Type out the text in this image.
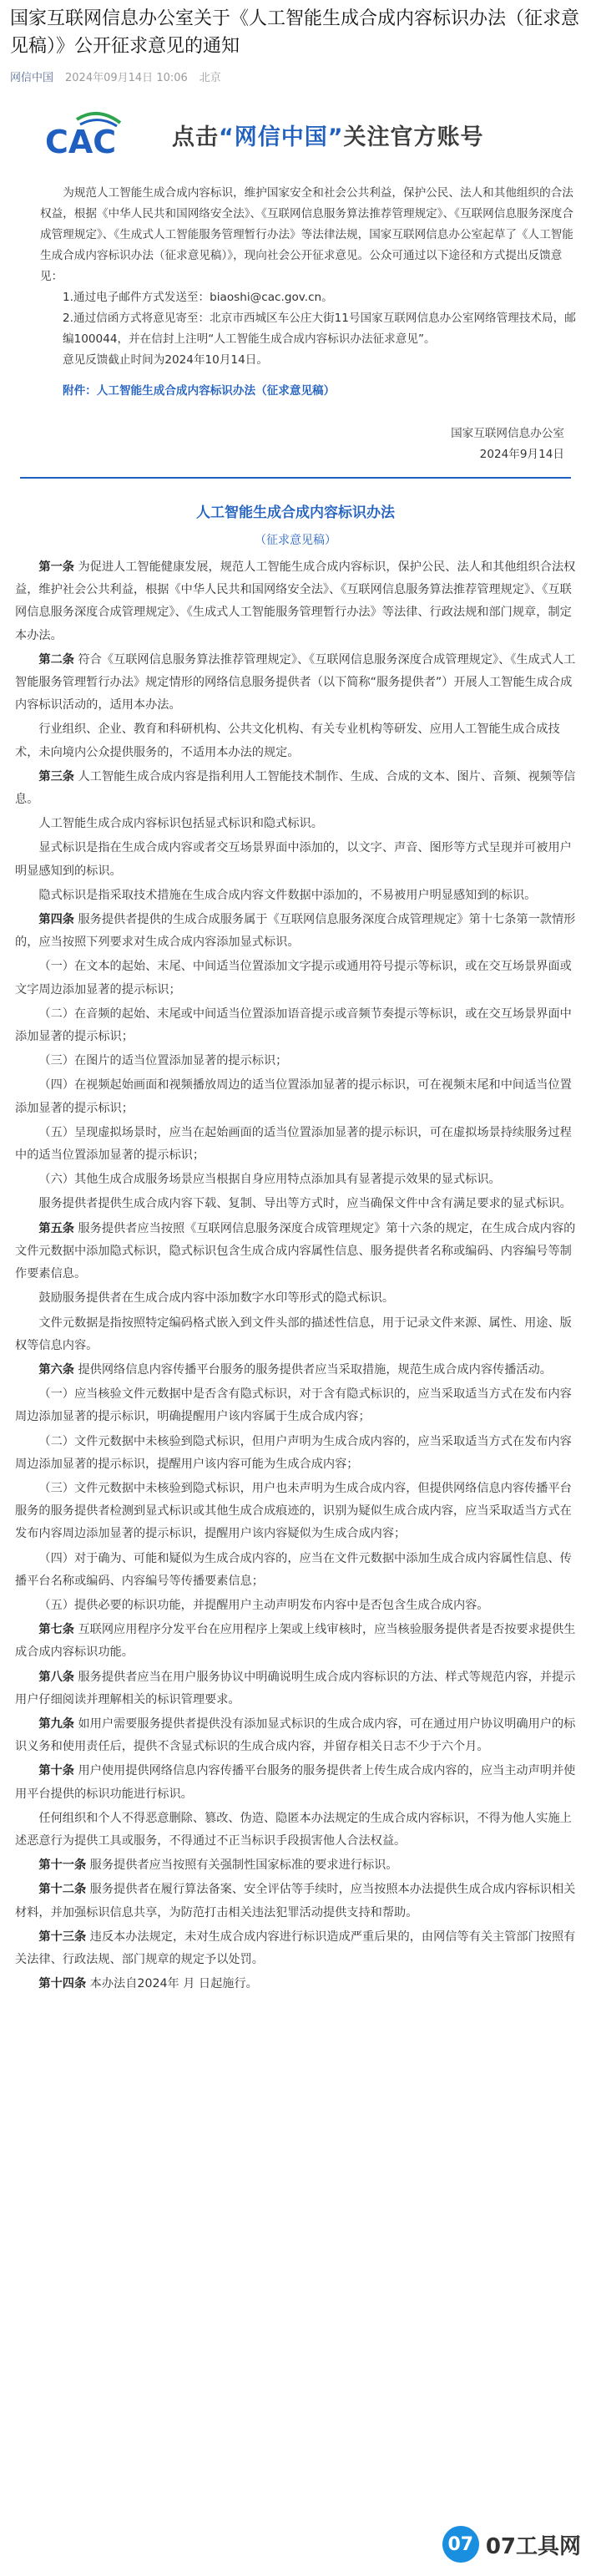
国家互联网信息办公室关于《人工智能生成合成内容标识办法（征求意见稿）》公开征求意见的通知
网信中国 2024年09月14日 10:06 北京
CAC 点击“网信中国”关注官方账号

为规范人工智能生成合成内容标识，维护国家安全和社会公共利益，保护公民、法人和其他组织的合法权益，根据《中华人民共和国网络安全法》、《互联网信息服务算法推荐管理规定》、《互联网信息服务深度合成管理规定》、《生成式人工智能服务管理暂行办法》等法律法规，国家互联网信息办公室起草了《人工智能生成合成内容标识办法（征求意见稿）》，现向社会公开征求意见。公众可通过以下途径和方式提出反馈意见：

1.通过电子邮件方式发送至：biaoshi@cac.gov.cn。

2.通过信函方式将意见寄至：北京市西城区车公庄大街11号国家互联网信息办公室网络管理技术局，邮编100044，并在信封上注明“人工智能生成合成内容标识办法征求意见”。

意见反馈截止时间为2024年10月14日。

附件：人工智能生成合成内容标识办法（征求意见稿）

国家互联网信息办公室
2024年9月14日
人工智能生成合成内容标识办法
（征求意见稿）

第一条 为促进人工智能健康发展，规范人工智能生成合成内容标识，保护公民、法人和其他组织合法权益，维护社会公共利益，根据《中华人民共和国网络安全法》、《互联网信息服务算法推荐管理规定》、《互联网信息服务深度合成管理规定》、《生成式人工智能服务管理暂行办法》等法律、行政法规和部门规章，制定本办法。

第二条 符合《互联网信息服务算法推荐管理规定》、《互联网信息服务深度合成管理规定》、《生成式人工智能服务管理暂行办法》规定情形的网络信息服务提供者（以下简称“服务提供者”）开展人工智能生成合成内容标识活动的，适用本办法。

行业组织、企业、教育和科研机构、公共文化机构、有关专业机构等研发、应用人工智能生成合成技术，未向境内公众提供服务的，不适用本办法的规定。

第三条 人工智能生成合成内容是指利用人工智能技术制作、生成、合成的文本、图片、音频、视频等信息。

人工智能生成合成内容标识包括显式标识和隐式标识。

显式标识是指在生成合成内容或者交互场景界面中添加的，以文字、声音、图形等方式呈现并可被用户明显感知到的标识。

隐式标识是指采取技术措施在生成合成内容文件数据中添加的，不易被用户明显感知到的标识。

第四条 服务提供者提供的生成合成服务属于《互联网信息服务深度合成管理规定》第十七条第一款情形的，应当按照下列要求对生成合成内容添加显式标识。

（一）在文本的起始、末尾、中间适当位置添加文字提示或通用符号提示等标识，或在交互场景界面或文字周边添加显著的提示标识；

（二）在音频的起始、末尾或中间适当位置添加语音提示或音频节奏提示等标识，或在交互场景界面中添加显著的提示标识；

（三）在图片的适当位置添加显著的提示标识；

（四）在视频起始画面和视频播放周边的适当位置添加显著的提示标识，可在视频末尾和中间适当位置添加显著的提示标识；

（五）呈现虚拟场景时，应当在起始画面的适当位置添加显著的提示标识，可在虚拟场景持续服务过程中的适当位置添加显著的提示标识；

（六）其他生成合成服务场景应当根据自身应用特点添加具有显著提示效果的显式标识。

服务提供者提供生成合成内容下载、复制、导出等方式时，应当确保文件中含有满足要求的显式标识。

第五条 服务提供者应当按照《互联网信息服务深度合成管理规定》第十六条的规定，在生成合成内容的文件元数据中添加隐式标识，隐式标识包含生成合成内容属性信息、服务提供者名称或编码、内容编号等制作要素信息。

鼓励服务提供者在生成合成内容中添加数字水印等形式的隐式标识。

文件元数据是指按照特定编码格式嵌入到文件头部的描述性信息，用于记录文件来源、属性、用途、版权等信息内容。

第六条 提供网络信息内容传播平台服务的服务提供者应当采取措施，规范生成合成内容传播活动。

（一）应当核验文件元数据中是否含有隐式标识，对于含有隐式标识的，应当采取适当方式在发布内容周边添加显著的提示标识，明确提醒用户该内容属于生成合成内容；

（二）文件元数据中未核验到隐式标识，但用户声明为生成合成内容的，应当采取适当方式在发布内容周边添加显著的提示标识，提醒用户该内容可能为生成合成内容；

（三）文件元数据中未核验到隐式标识，用户也未声明为生成合成内容，但提供网络信息内容传播平台服务的服务提供者检测到显式标识或其他生成合成痕迹的，识别为疑似生成合成内容，应当采取适当方式在发布内容周边添加显著的提示标识，提醒用户该内容疑似为生成合成内容；

（四）对于确为、可能和疑似为生成合成内容的，应当在文件元数据中添加生成合成内容属性信息、传播平台名称或编码、内容编号等传播要素信息；

（五）提供必要的标识功能，并提醒用户主动声明发布内容中是否包含生成合成内容。

第七条 互联网应用程序分发平台在应用程序上架或上线审核时，应当核验服务提供者是否按要求提供生成合成内容标识功能。

第八条 服务提供者应当在用户服务协议中明确说明生成合成内容标识的方法、样式等规范内容，并提示用户仔细阅读并理解相关的标识管理要求。

第九条 如用户需要服务提供者提供没有添加显式标识的生成合成内容，可在通过用户协议明确用户的标识义务和使用责任后，提供不含显式标识的生成合成内容，并留存相关日志不少于六个月。

第十条 用户使用提供网络信息内容传播平台服务的服务提供者上传生成合成内容的，应当主动声明并使用平台提供的标识功能进行标识。

任何组织和个人不得恶意删除、篡改、伪造、隐匿本办法规定的生成合成内容标识，不得为他人实施上述恶意行为提供工具或服务，不得通过不正当标识手段损害他人合法权益。

第十一条 服务提供者应当按照有关强制性国家标准的要求进行标识。

第十二条 服务提供者在履行算法备案、安全评估等手续时，应当按照本办法提供生成合成内容标识相关材料，并加强标识信息共享，为防范打击相关违法犯罪活动提供支持和帮助。

第十三条 违反本办法规定，未对生成合成内容进行标识造成严重后果的，由网信等有关主管部门按照有关法律、行政法规、部门规章的规定予以处罚。

第十四条 本办法自2024年 月 日起施行。

07 07工具网
